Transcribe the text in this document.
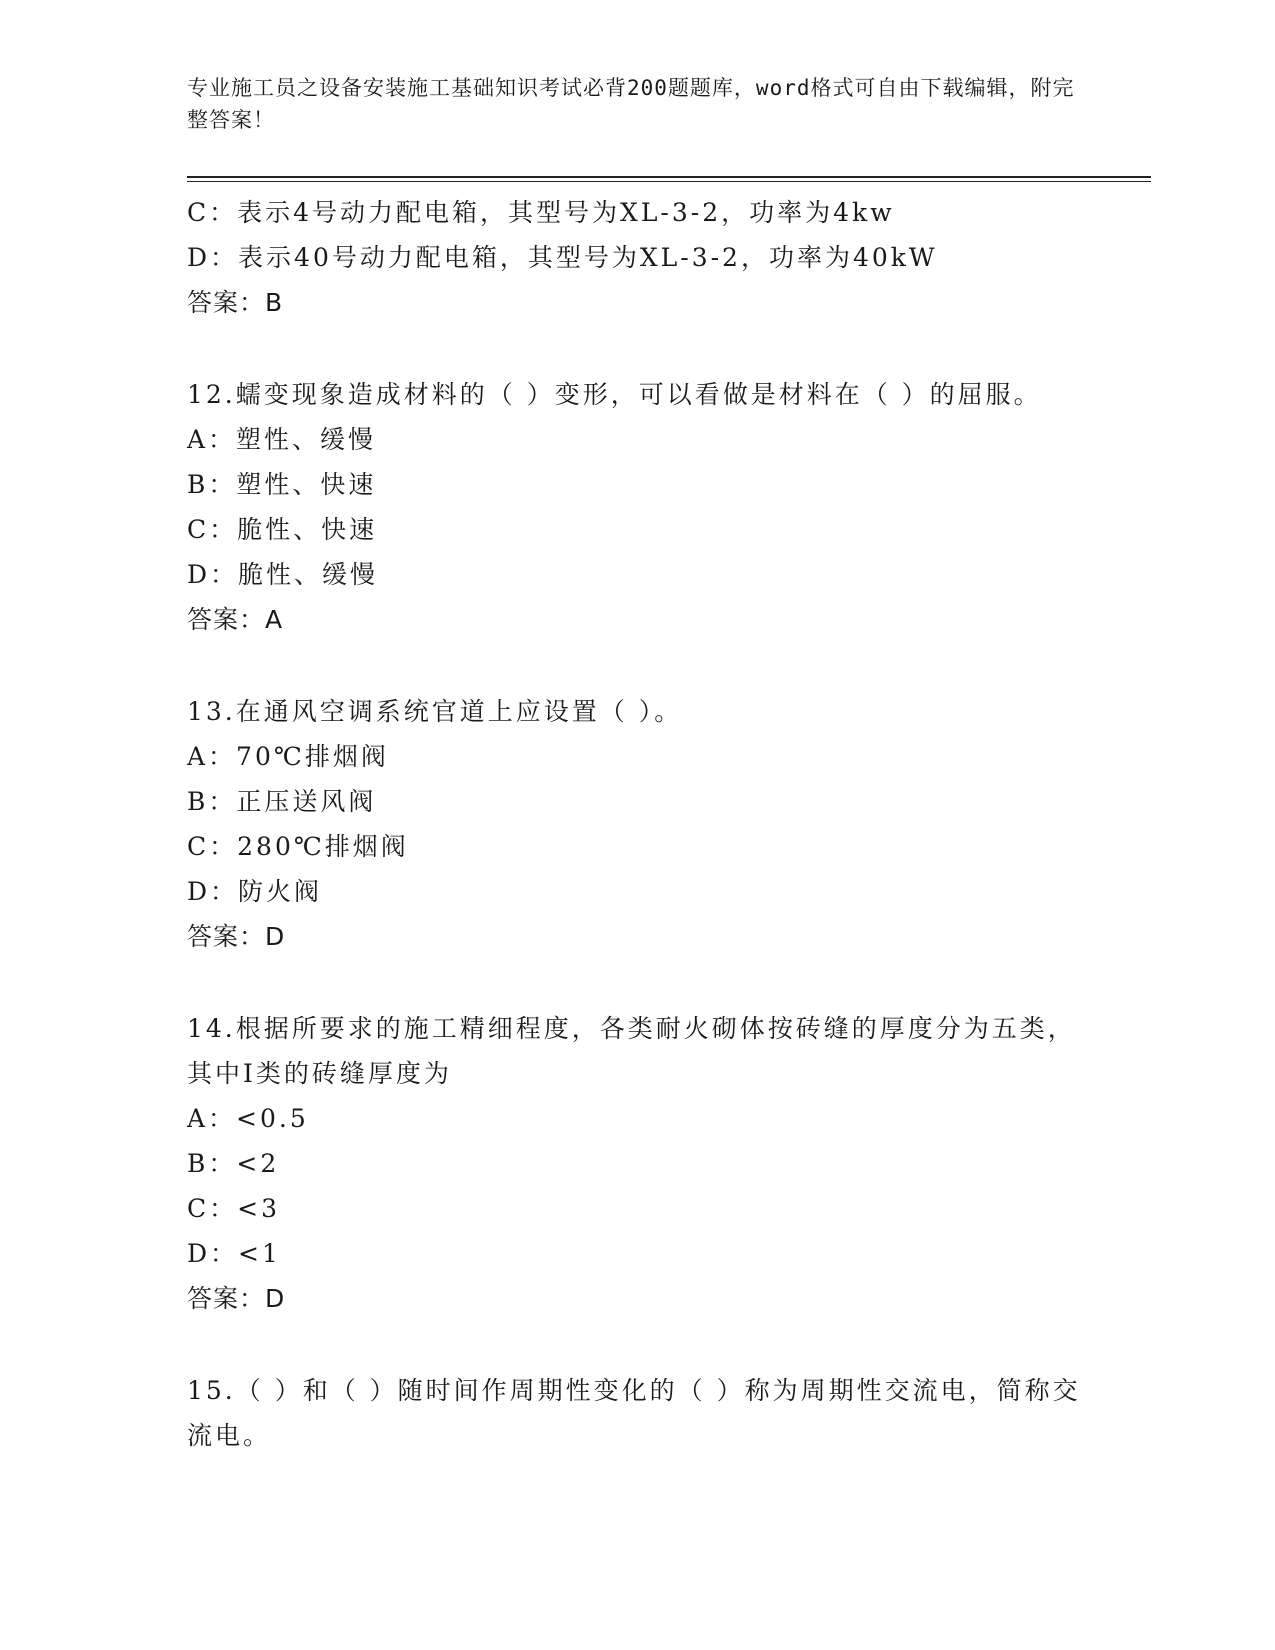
专业施工员之设备安装施工基础知识考试必背200题题库，word格式可自由下载编辑，附完整答案！
C：表示4号动力配电箱，其型号为XL-3-2，功率为4kw
D：表示40号动力配电箱，其型号为XL-3-2，功率为40kW
答案：B
12.蠕变现象造成材料的（ ）变形，可以看做是材料在（ ）的屈服。
A：塑性、缓慢
B：塑性、快速
C：脆性、快速
D：脆性、缓慢
答案：A
13.在通风空调系统官道上应设置（ ）。
A：70℃排烟阀
B：正压送风阀
C：280℃排烟阀
D：防火阀
答案：D
14.根据所要求的施工精细程度，各类耐火砌体按砖缝的厚度分为五类，其中Ⅰ类的砖缝厚度为
A：<0.5
B：<2
C：<3
D：<1
答案：D
15.（ ）和（ ）随时间作周期性变化的（ ）称为周期性交流电，简称交流电。
